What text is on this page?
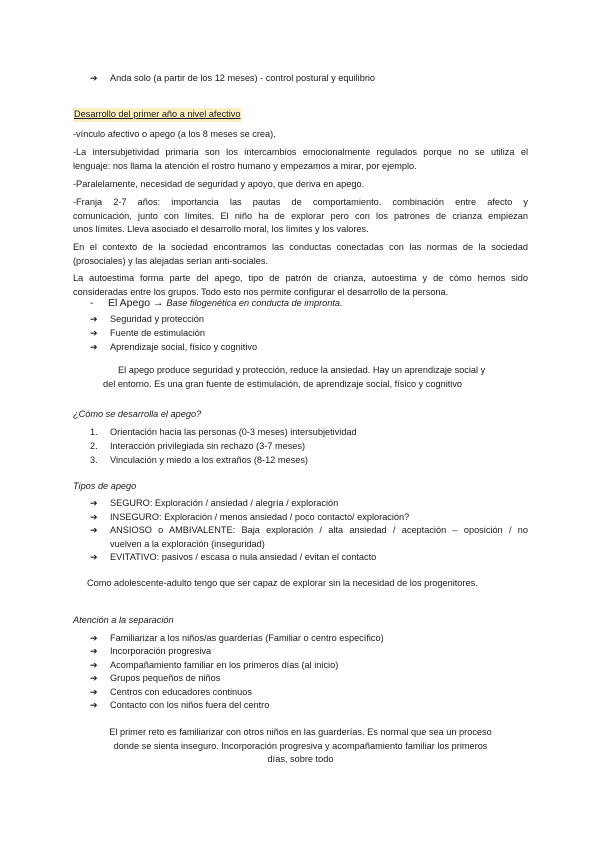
➔ Anda solo (a partir de los 12 meses) - control postural y equilibrio
Desarrollo del primer año a nivel afectivo

-vínculo afectivo o apego (a los 8 meses se crea).

-La intersubjetividad primaria son los intercambios emocionalmente regulados porque no se utiliza el
lenguaje: nos llama la atención el rostro humano y empezamos a mirar, por ejemplo.

-Paralelamente, necesidad de seguridad y apoyo, que deriva en apego.

-Franja 2-7 años: importancia las pautas de comportamiento. combinación entre afecto y
comunicación, junto con límites. El niño ha de explorar pero con los patrones de crianza empiezan
unos límites. Lleva asociado el desarrollo moral, los límites y los valores.

En el contexto de la sociedad encontramos las conductas conectadas con las normas de la sociedad
(prosociales) y las alejadas serían anti-sociales.

La autoestima forma parte del apego, tipo de patrón de crianza, autoestima y de cómo hemos sido
consideradas entre los grupos. Todo esto nos permite configurar el desarrollo de la persona.

- El Apego → Base filogenética en conducta de impronta.
➔ Seguridad y protección
➔ Fuente de estimulación
➔ Aprendizaje social, físico y cognitivo
El apego produce seguridad y protección, reduce la ansiedad. Hay un aprendizaje social y
del entorno. Es una gran fuente de estimulación, de aprendizaje social, físico y cognitivo
¿Cómo se desarrolla el apego?
1. Orientación hacia las personas (0-3 meses) intersubjetividad
2. Interacción privilegiada sin rechazo (3-7 meses)
3. Vinculación y miedo a los extraños (8-12 meses)
Tipos de apego
➔ SEGURO: Exploración / ansiedad / alegría / exploración
➔ INSEGURO: Exploración / menos ansiedad / poco contacto/ exploración?
➔	ANSIOSO o AMBIVALENTE: Baja exploración / alta ansiedad / aceptación – oposición / no
vuelven a la exploración (inseguridad)
➔ EVITATIVO: pasivos / escasa o nula ansiedad / evitan el contacto
Como adolescente-adulto tengo que ser capaz de explorar sin la necesidad de los progenitores.
Atención a la separación
➔ Familiarizar a los niños/as guarderías (Familiar o centro específico)
➔ Incorporación progresiva
➔ Acompañamiento familiar en los primeros días (al inicio)
➔ Grupos pequeños de niños
➔ Centros con educadores continuos
➔ Contacto con los niños fuera del centro
El primer reto es familiarizar con otros niños en las guarderías. Es normal que sea un proceso
donde se sienta inseguro. Incorporación progresiva y acompañamiento familiar los primeros
días, sobre todo
